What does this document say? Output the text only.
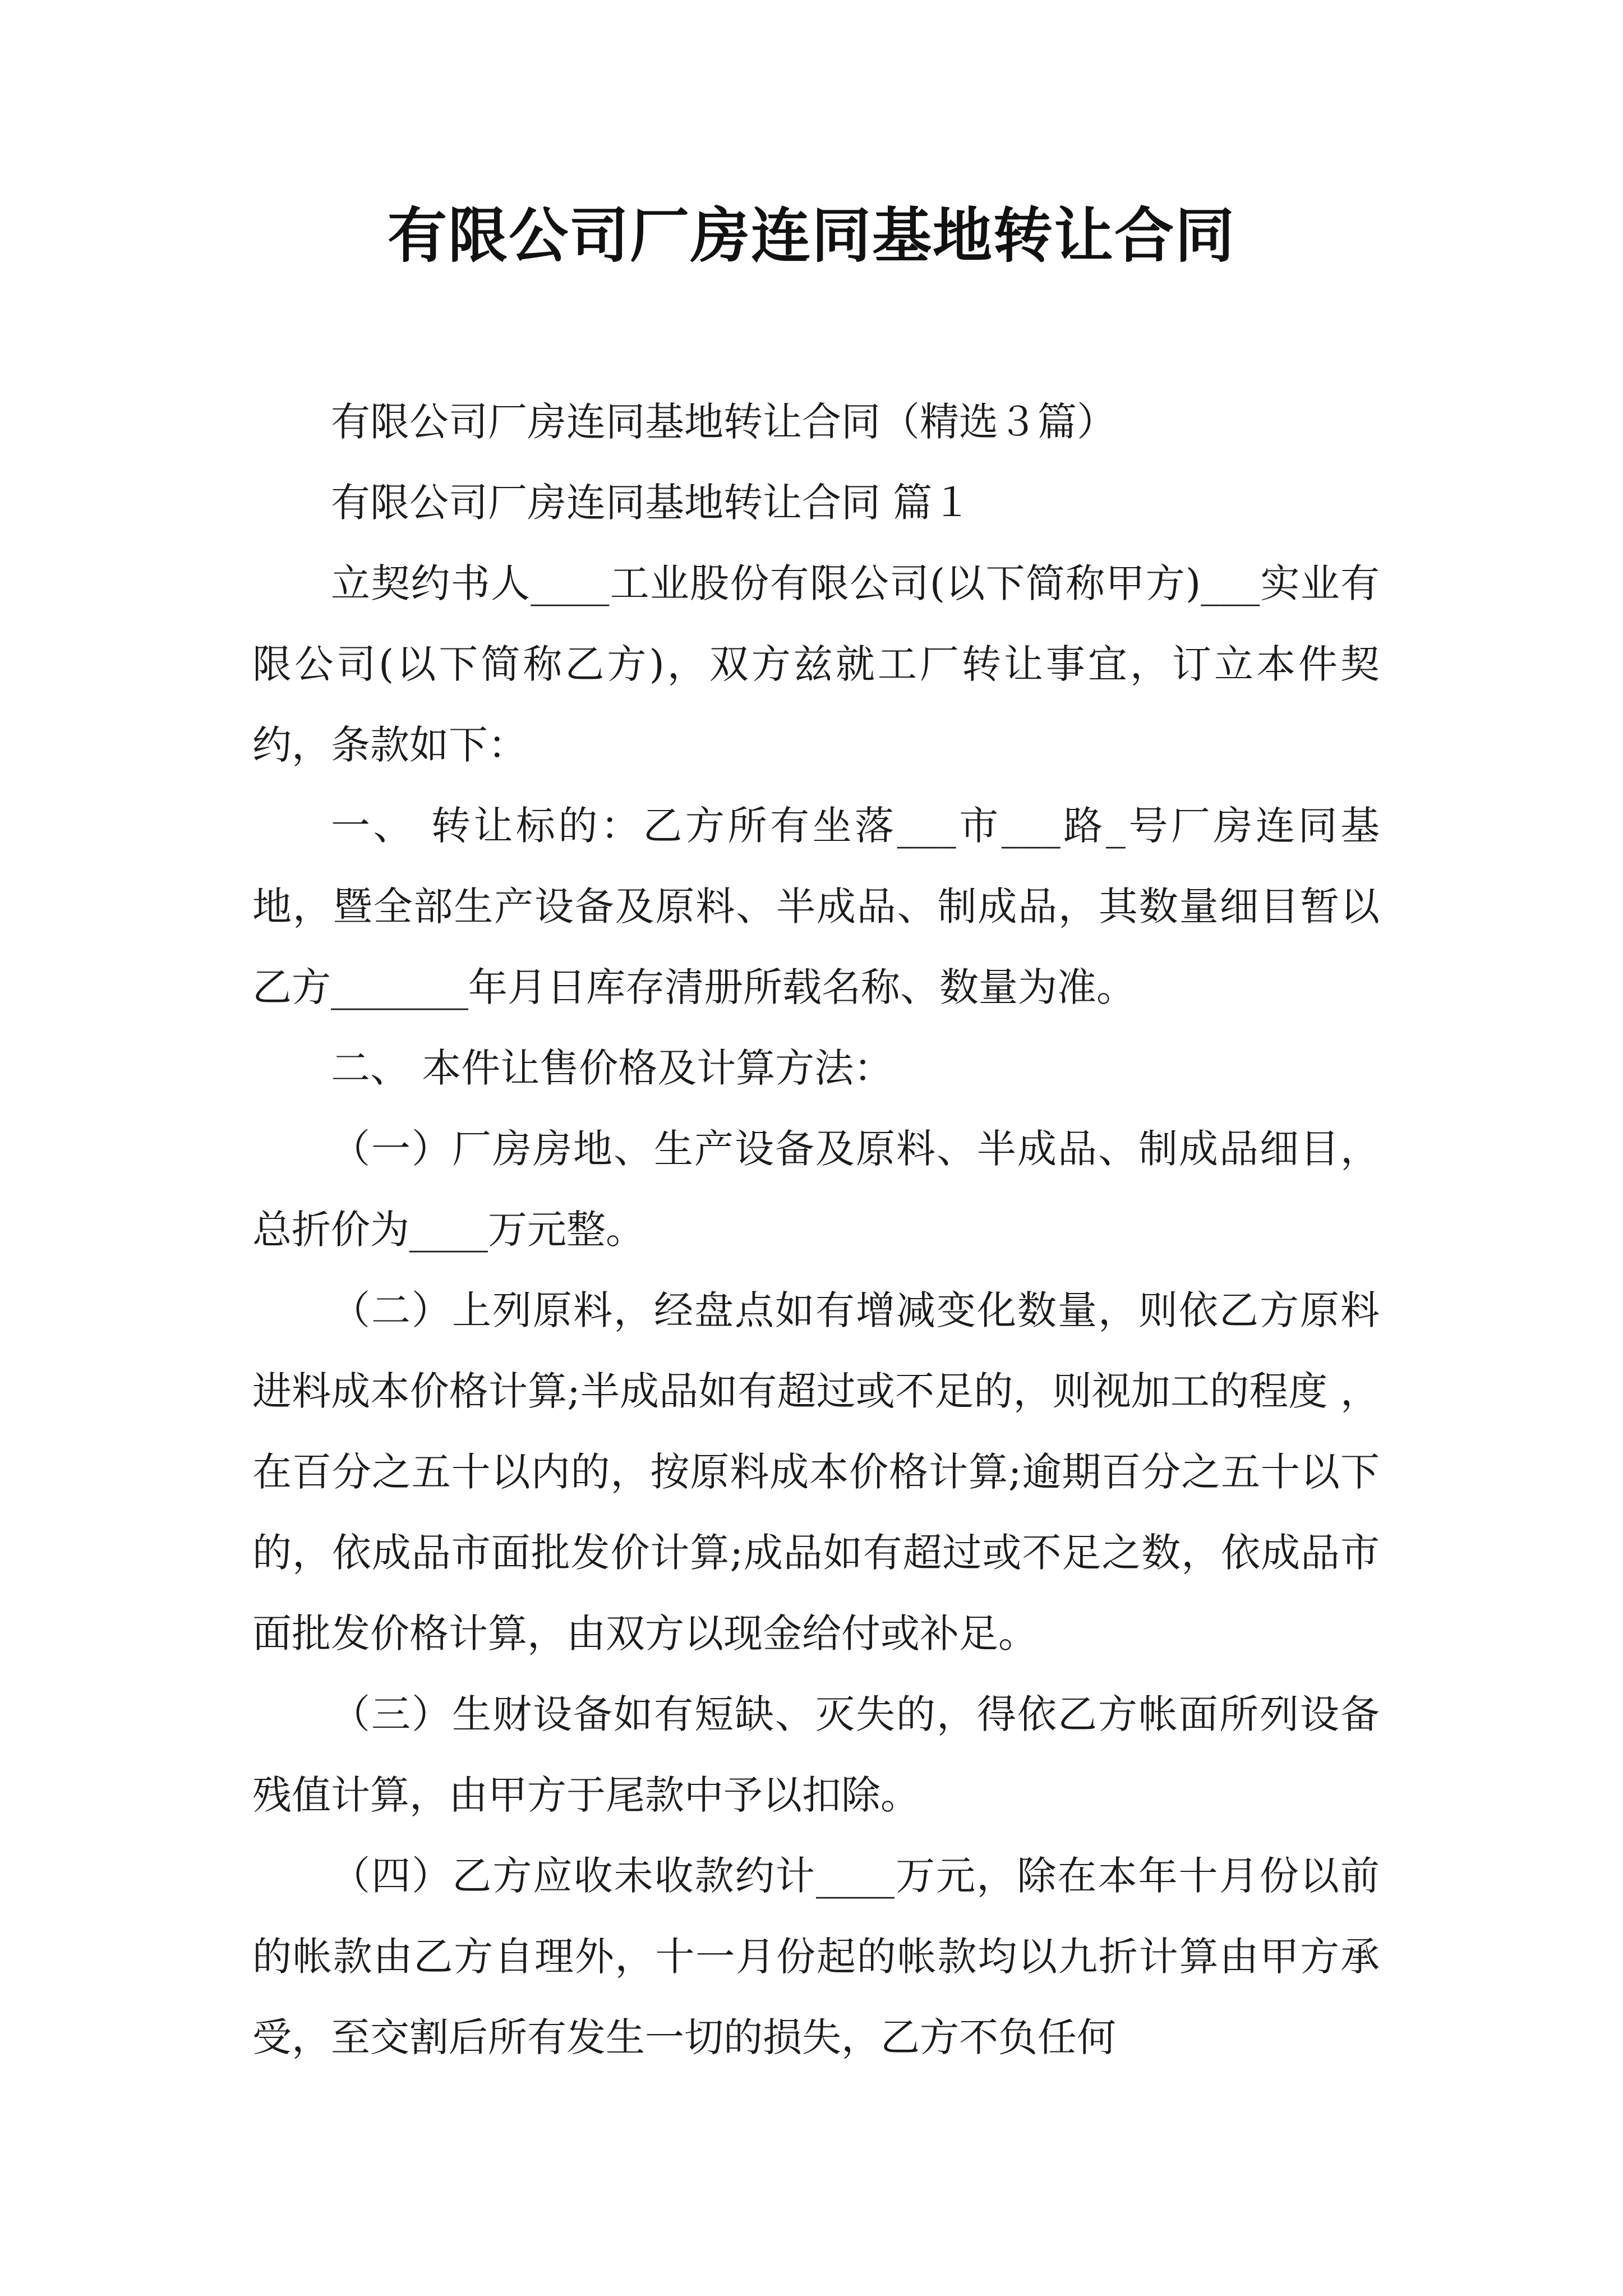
有限公司厂房连同基地转让合同

有限公司厂房连同基地转让合同（精选３篇）

有限公司厂房连同基地转让合同 篇１

立契约书人____工业股份有限公司(以下简称甲方)___实业有限公司(以下简称乙方)，双方兹就工厂转让事宜，订立本件契约，条款如下：

一、 转让标的：乙方所有坐落___市___路_号厂房连同基地，暨全部生产设备及原料、半成品、制成品，其数量细目暂以乙方_______年月日库存清册所载名称、数量为准。

二、 本件让售价格及计算方法：

（一）厂房房地、生产设备及原料、半成品、制成品细目，总折价为____万元整。

（二）上列原料，经盘点如有增减变化数量，则依乙方原料进料成本价格计算;半成品如有超过或不足的，则视加工的程度 ，在百分之五十以内的，按原料成本价格计算;逾期百分之五十以下的，依成品市面批发价计算;成品如有超过或不足之数，依成品市面批发价格计算，由双方以现金给付或补足。

（三）生财设备如有短缺、灭失的，得依乙方帐面所列设备残值计算，由甲方于尾款中予以扣除。

（四）乙方应收未收款约计____万元，除在本年十月份以前的帐款由乙方自理外，十一月份起的帐款均以九折计算由甲方承受，至交割后所有发生一切的损失，乙方不负任何
